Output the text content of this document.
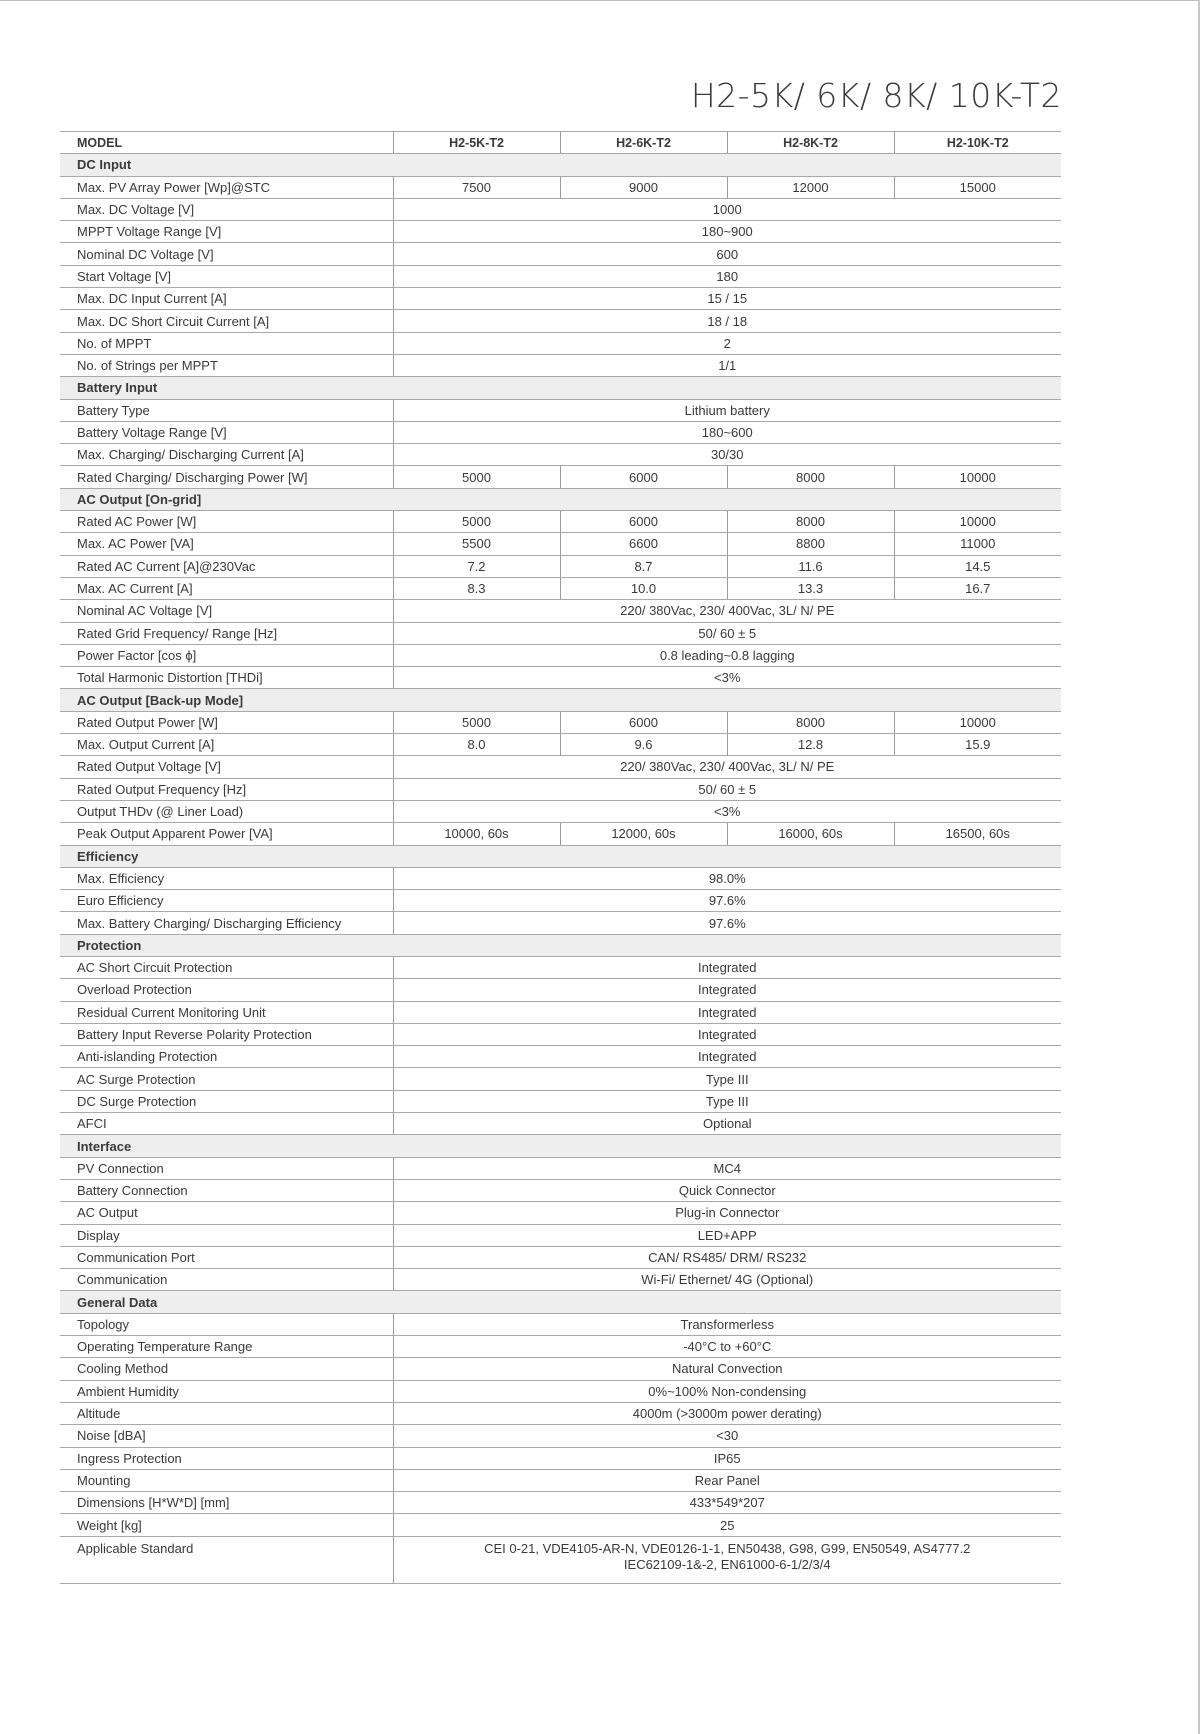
H2-5K/ 6K/ 8K/ 10K-T2
MODEL	H2-5K-T2	H2-6K-T2	H2-8K-T2	H2-10K-T2
DC Input				
Max. PV Array Power [Wp]@STC	7500	9000	12000	15000
Max. DC Voltage [V]	1000			
MPPT Voltage Range [V]	180~900			
Nominal DC Voltage [V]	600			
Start Voltage [V]	180			
Max. DC Input Current [A]	15 / 15			
Max. DC Short Circuit Current [A]	18 / 18			
No. of MPPT	2			
No. of Strings per MPPT	1/1			
Battery Input				
Battery Type	Lithium battery			
Battery Voltage Range [V]	180~600			
Max. Charging/ Discharging Current [A]	30/30			
Rated Charging/ Discharging Power [W]	5000	6000	8000	10000
AC Output [On-grid]				
Rated AC Power [W]	5000	6000	8000	10000
Max. AC Power [VA]	5500	6600	8800	11000
Rated AC Current [A]@230Vac	7.2	8.7	11.6	14.5
Max. AC Current [A]	8.3	10.0	13.3	16.7
Nominal AC Voltage [V]	220/ 380Vac, 230/ 400Vac, 3L/ N/ PE			
Rated Grid Frequency/ Range [Hz]	50/ 60 ± 5			
Power Factor [cos ϕ]	0.8 leading~0.8 lagging			
Total Harmonic Distortion [THDi]	<3%			
AC Output [Back-up Mode]				
Rated Output Power [W]	5000	6000	8000	10000
Max. Output Current [A]	8.0	9.6	12.8	15.9
Rated Output Voltage [V]	220/ 380Vac, 230/ 400Vac, 3L/ N/ PE			
Rated Output Frequency [Hz]	50/ 60 ± 5			
Output THDv (@ Liner Load)	<3%			
Peak Output Apparent Power [VA]	10000, 60s	12000, 60s	16000, 60s	16500, 60s
Efficiency				
Max. Efficiency	98.0%			
Euro Efficiency	97.6%			
Max. Battery Charging/ Discharging Efficiency	97.6%			
Protection				
AC Short Circuit Protection	Integrated			
Overload Protection	Integrated			
Residual Current Monitoring Unit	Integrated			
Battery Input Reverse Polarity Protection	Integrated			
Anti-islanding Protection	Integrated			
AC Surge Protection	Type III			
DC Surge Protection	Type III			
AFCI	Optional			
Interface				
PV Connection	MC4			
Battery Connection	Quick Connector			
AC Output	Plug-in Connector			
Display	LED+APP			
Communication Port	CAN/ RS485/ DRM/ RS232			
Communication	Wi-Fi/ Ethernet/ 4G (Optional)			
General Data				
Topology	Transformerless			
Operating Temperature Range	-40°C to +60°C			
Cooling Method	Natural Convection			
Ambient Humidity	0%~100% Non-condensing			
Altitude	4000m (>3000m power derating)			
Noise [dBA]	<30			
Ingress Protection	IP65			
Mounting	Rear Panel			
Dimensions [H*W*D] [mm]	433*549*207			
Weight [kg]	25			
Applicable Standard	CEI 0-21, VDE4105-AR-N, VDE0126-1-1, EN50438, G98, G99, EN50549, AS4777.2
IEC62109-1&-2, EN61000-6-1/2/3/4			
